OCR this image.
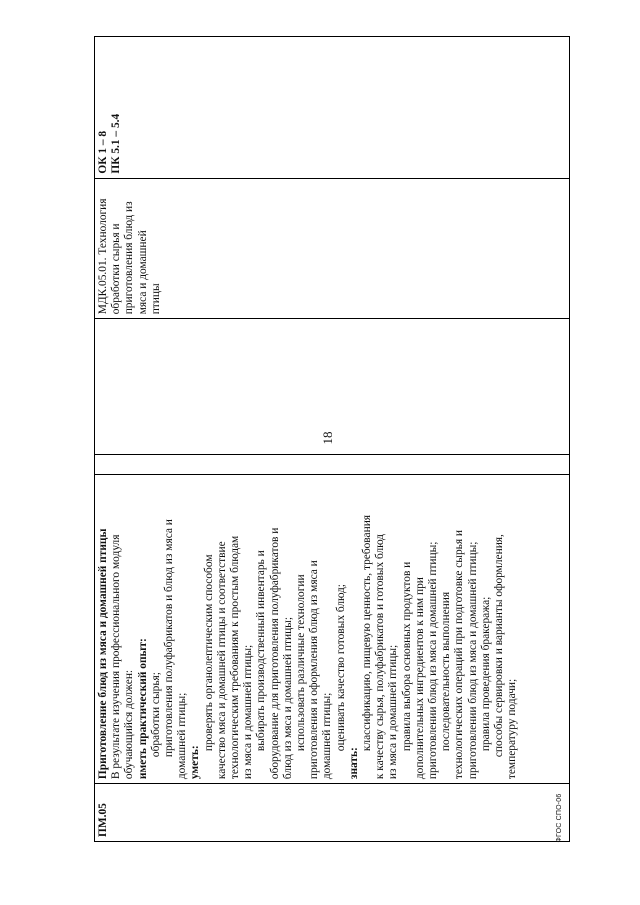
18
ПМ.05
Приготовление блюд из мяса и домашней птицы В результате изучения профессионального модуля обучающийся должен: иметь практический опыт: обработки сырья; приготовления полуфабрикатов и блюд из мяса и домашней птицы; уметь:
проверять органолептическим способом качество мяса и домашней птицы и соответствие технологическим требованиям к простым блюдам из мяса и домашней птицы; выбирать производственный инвентарь и оборудование для приготовления полуфабрикатов и блюд из мяса и домашней птицы; использовать различные технологии приготовления и оформления блюд из мяса и домашней птицы; оценивать качество готовых блюд;
знать:
классификацию, пищевую ценность, требования к качеству сырья, полуфабрикатов и готовых блюд из мяса и домашней птицы; правила выбора основных продуктов и дополнительных ингредиентов к ним при приготовлении блюд из мяса и домашней птицы; последовательность выполнения технологических операций при подготовке сырья и приготовлении блюд из мяса и домашней птицы; правила проведения бракеража; способы сервировки и варианты оформления, температуру подачи;
МДК.05.01. Технология обработки сырья и приготовления блюд из мяса и домашней птицы
ОК 1 – 8 ПК 5.1 – 5.4
ФГОС СПО-06
